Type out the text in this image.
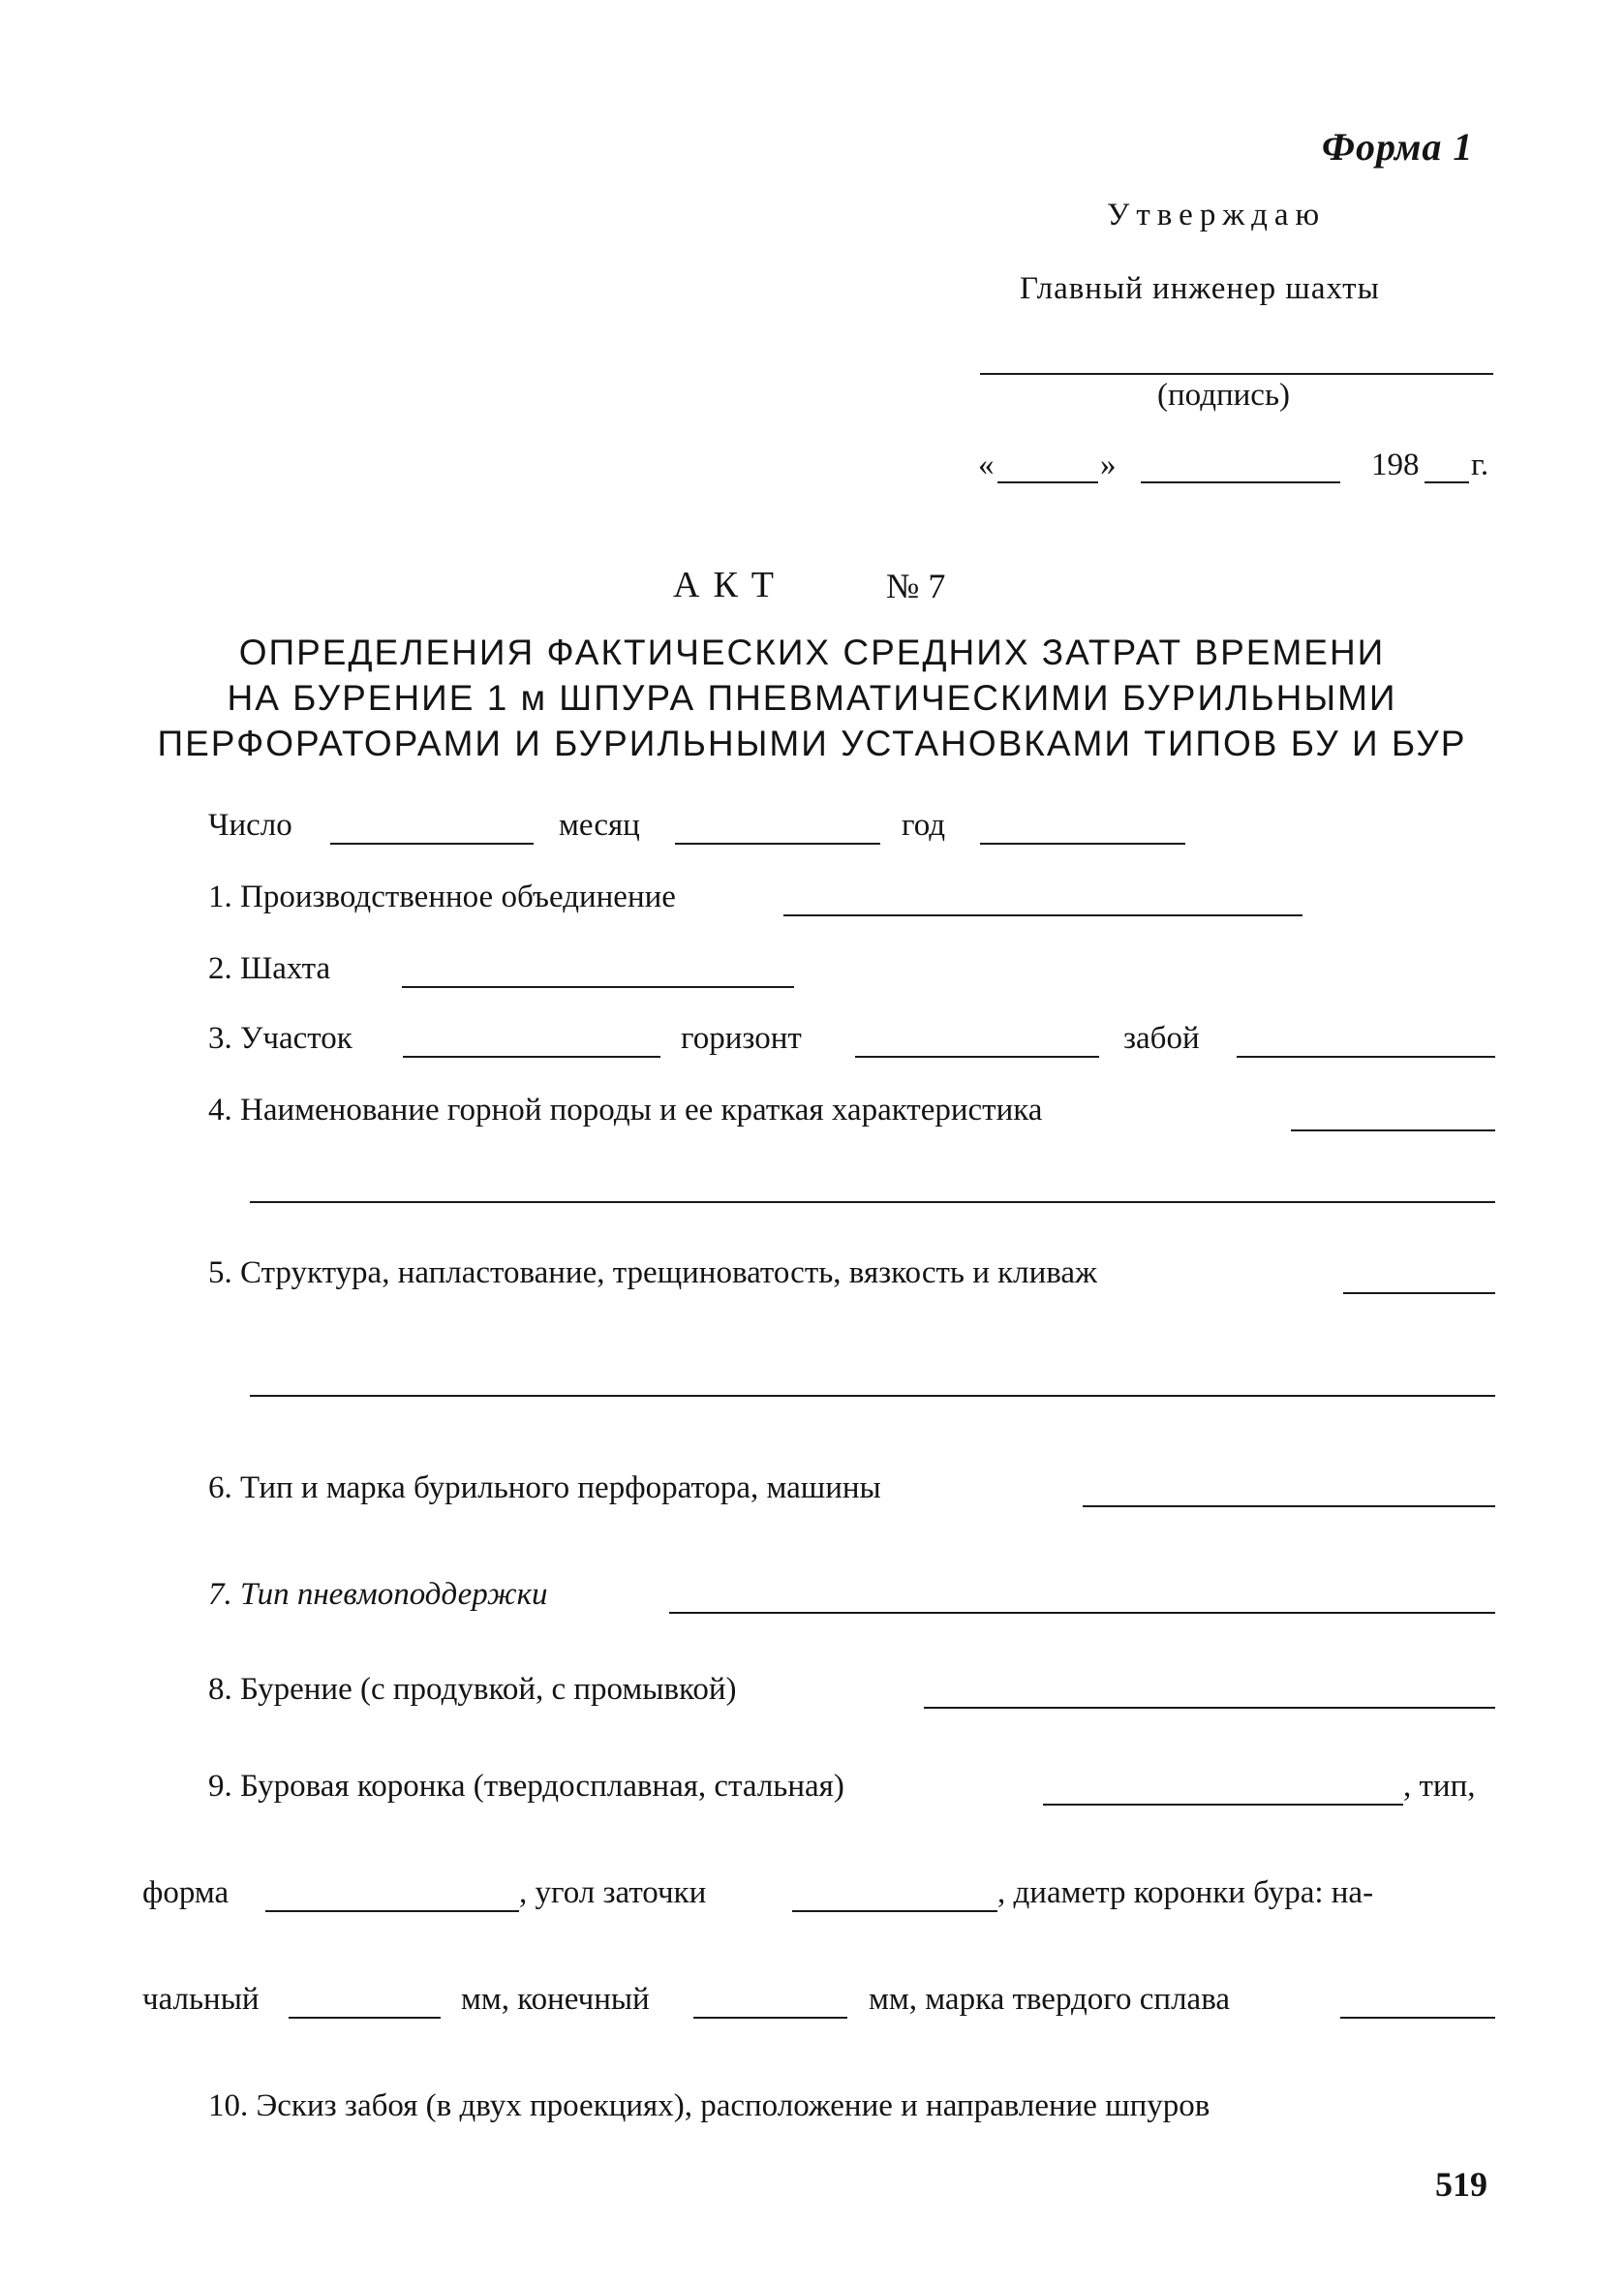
Форма 1
Утверждаю
Главный инженер шахты
(подпись)
«	»	198 г.
АКТ	№ 7
ОПРЕДЕЛЕНИЯ ФАКТИЧЕСКИХ СРЕДНИХ ЗАТРАТ ВРЕМЕНИ
НА БУРЕНИЕ 1 м ШПУРА ПНЕВМАТИЧЕСКИМИ БУРИЛЬНЫМИ
ПЕРФОРАТОРАМИ И БУРИЛЬНЫМИ УСТАНОВКАМИ ТИПОВ БУ И БУР
Число	месяц	год
1. Производственное объединение
2. Шахта
3. Участок	горизонт	забой
4. Наименование горной породы и ее краткая характеристика
5. Структура, напластование, трещиноватость, вязкость и кливаж
6. Тип и марка бурильного перфоратора, машины
7. Тип пневмоподдержки
8. Бурение (с продувкой, с промывкой)
9. Буровая коронка (твердосплавная, стальная)	, тип,
форма	, угол заточки	, диаметр коронки бура: на-
чальный	мм, конечный	мм, марка твердого сплава
10. Эскиз забоя (в двух проекциях), расположение и направление шпуров
519
